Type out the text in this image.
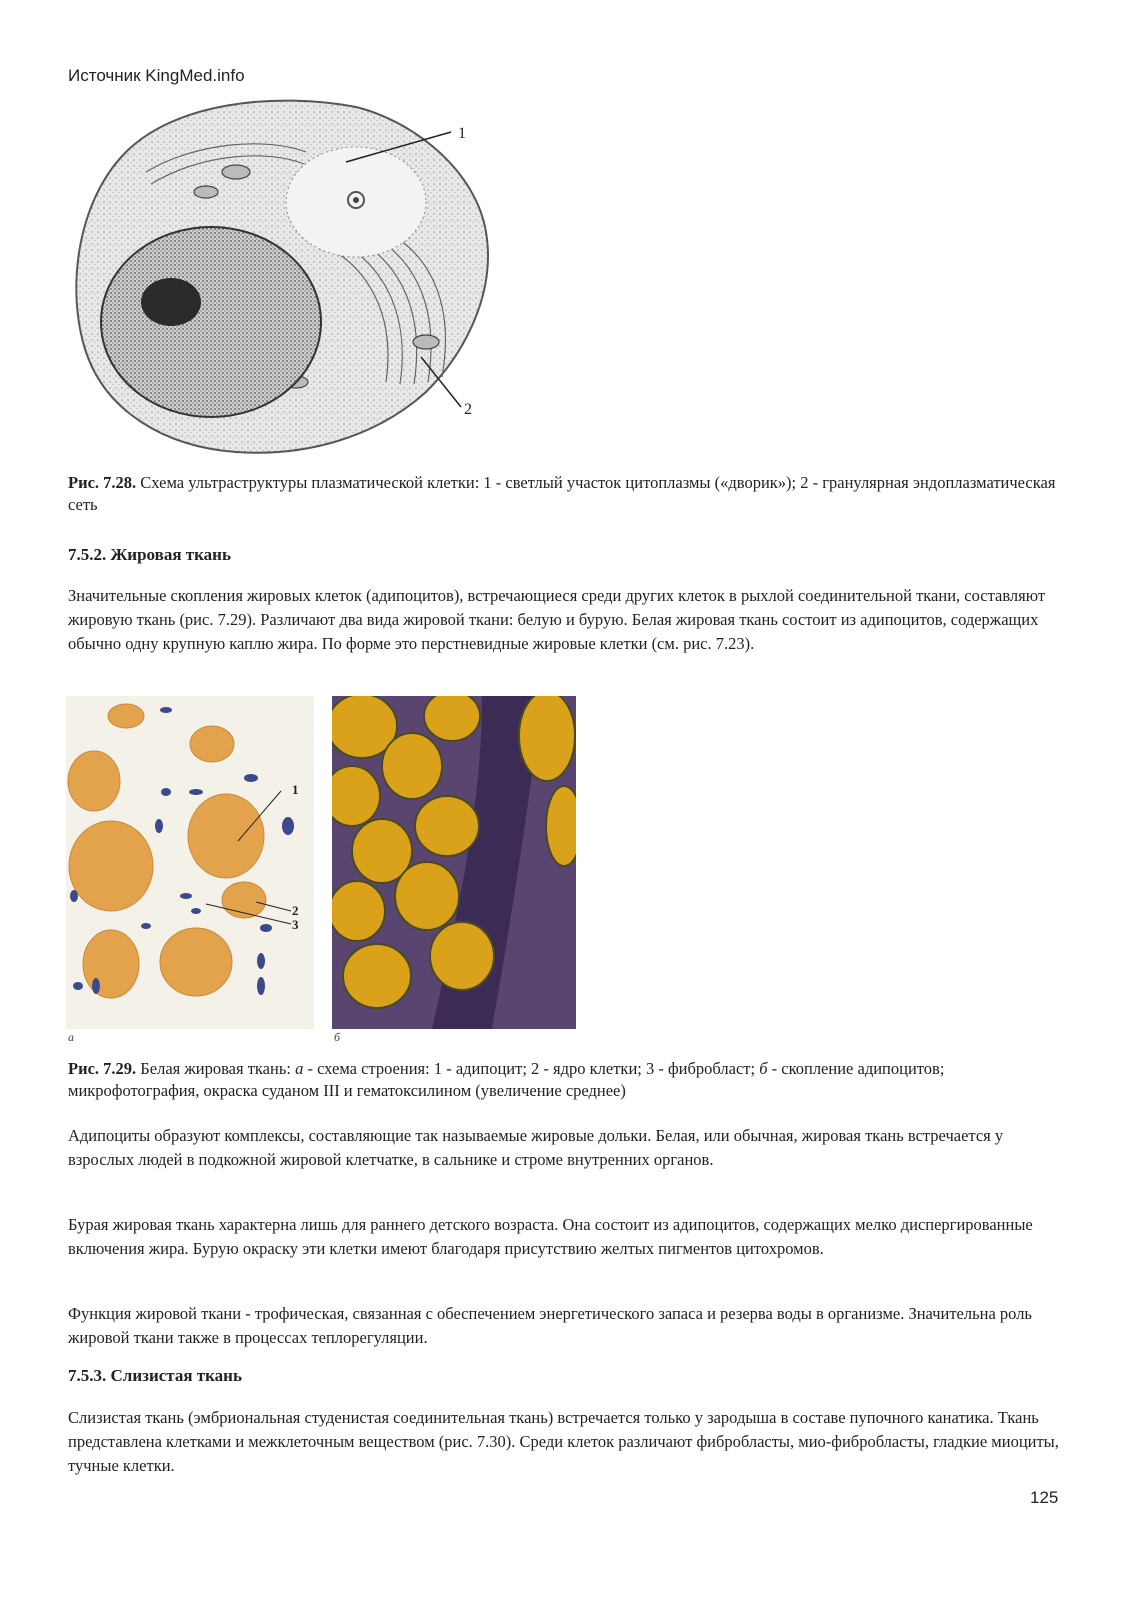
Источник KingMed.info
1
2
Рис. 7.28. Схема ультраструктуры плазматической клетки: 1 - светлый участок цитоплазмы («дворик»); 2 - гранулярная эндоплазматическая сеть
7.5.2. Жировая ткань
Значительные скопления жировых клеток (адипоцитов), встречающиеся среди других клеток в рыхлой соединительной ткани, составляют жировую ткань (рис. 7.29). Различают два вида жировой ткани: белую и бурую. Белая жировая ткань состоит из адипоцитов, содержащих обычно одну крупную каплю жира. По форме это перстневидные жировые клетки (см. рис. 7.23).
1
2
3
а	б
Рис. 7.29. Белая жировая ткань: а - схема строения: 1 - адипоцит; 2 - ядро клетки; 3 - фибробласт; б - скопление адипоцитов; микрофотография, окраска суданом III и гематоксилином (увеличение среднее)
Адипоциты образуют комплексы, составляющие так называемые жировые дольки. Белая, или обычная, жировая ткань встречается у взрослых людей в подкожной жировой клетчатке, в сальнике и строме внутренних органов.
Бурая жировая ткань характерна лишь для раннего детского возраста. Она состоит из адипоцитов, содержащих мелко диспергированные включения жира. Бурую окраску эти клетки имеют благодаря присутствию желтых пигментов цитохромов.
Функция жировой ткани - трофическая, связанная с обеспечением энергетического запаса и резерва воды в организме. Значительна роль жировой ткани также в процессах теплорегуляции.
7.5.3. Слизистая ткань
Слизистая ткань (эмбриональная студенистая соединительная ткань) встречается только у зародыша в составе пупочного канатика. Ткань представлена клетками и межклеточным веществом (рис. 7.30). Среди клеток различают фибробласты, мио-фибробласты, гладкие миоциты, тучные клетки.
125
